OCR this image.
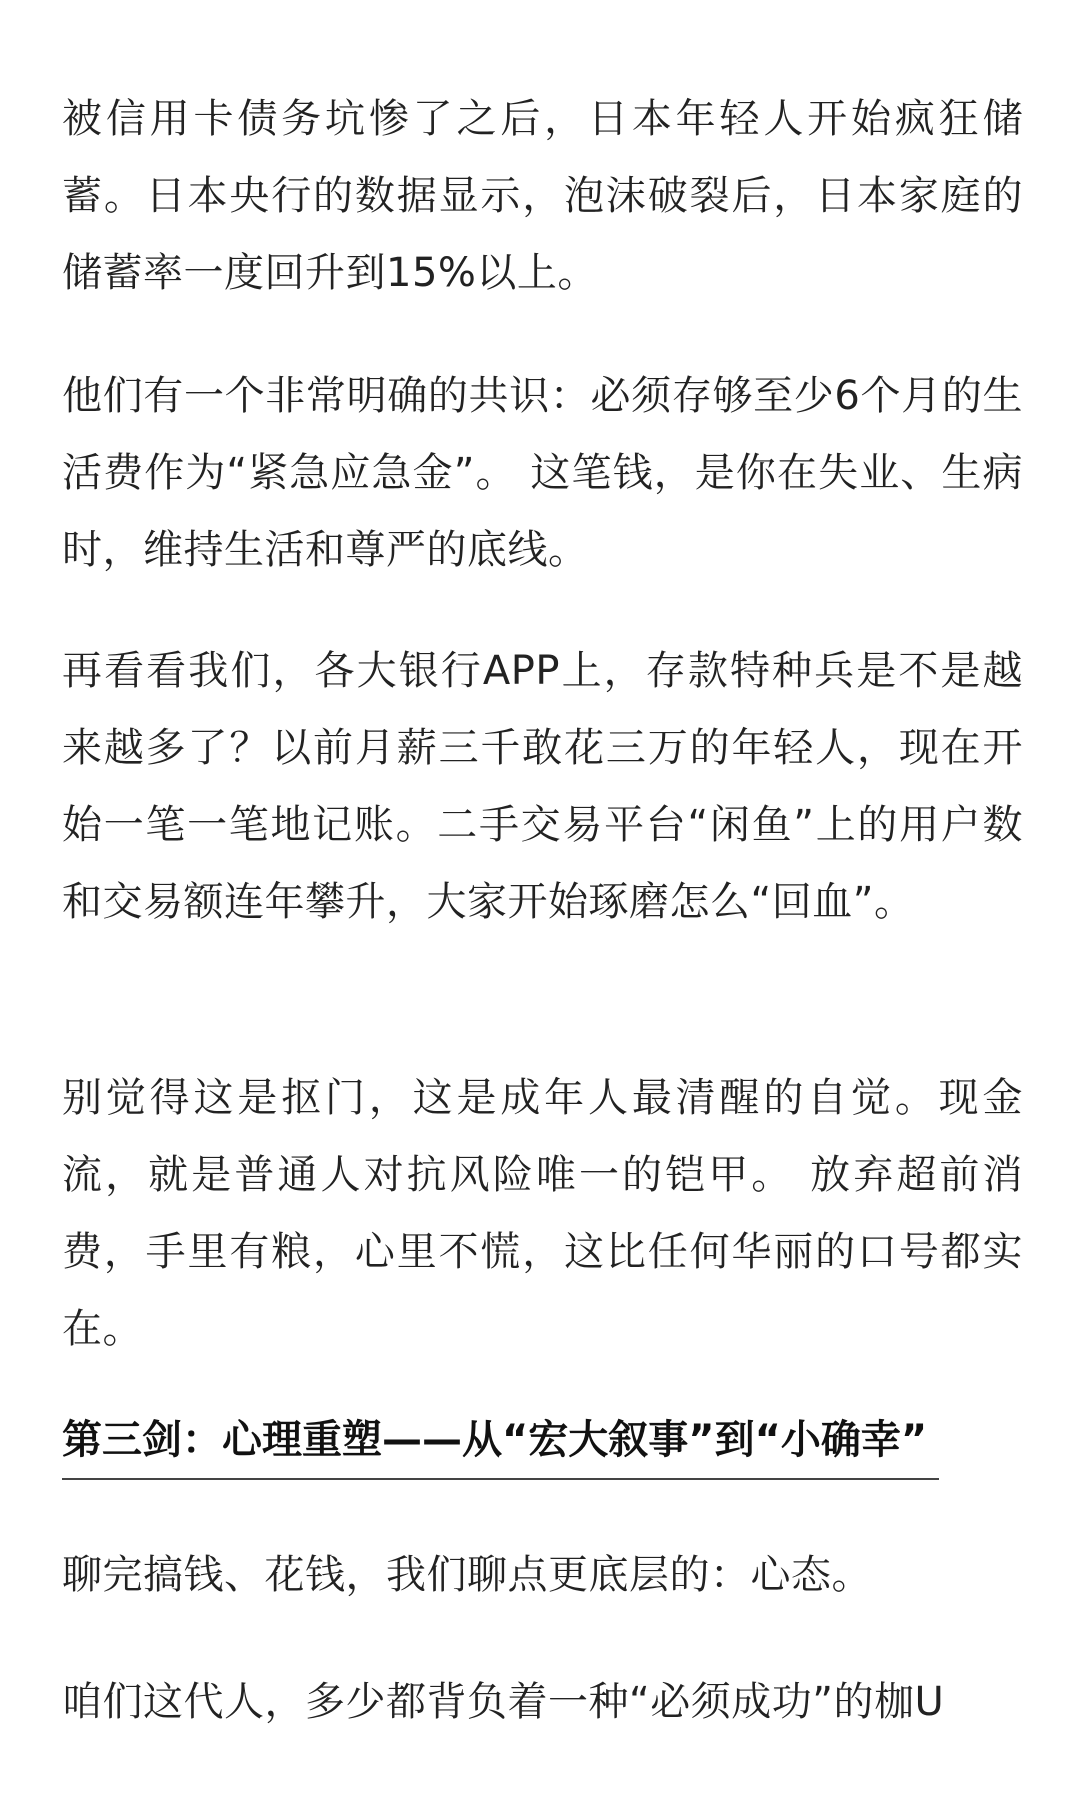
被信用卡债务坑惨了之后，日本年轻人开始疯狂储蓄。日本央行的数据显示，泡沫破裂后，日本家庭的储蓄率一度回升到15%以上。

他们有一个非常明确的共识：必须存够至少6个月的生活费作为“紧急应急金”。 这笔钱，是你在失业、生病时，维持生活和尊严的底线。

再看看我们，各大银行APP上，存款特种兵是不是越来越多了？以前月薪三千敢花三万的年轻人，现在开始一笔一笔地记账。二手交易平台“闲鱼”上的用户数和交易额连年攀升，大家开始琢磨怎么“回血”。

别觉得这是抠门，这是成年人最清醒的自觉。现金流，就是普通人对抗风险唯一的铠甲。 放弃超前消费，手里有粮，心里不慌，这比任何华丽的口号都实在。

第三剑：心理重塑——从“宏大叙事”到“小确幸”

聊完搞钱、花钱，我们聊点更底层的：心态。

咱们这代人，多少都背负着一种“必须成功”的枷U
